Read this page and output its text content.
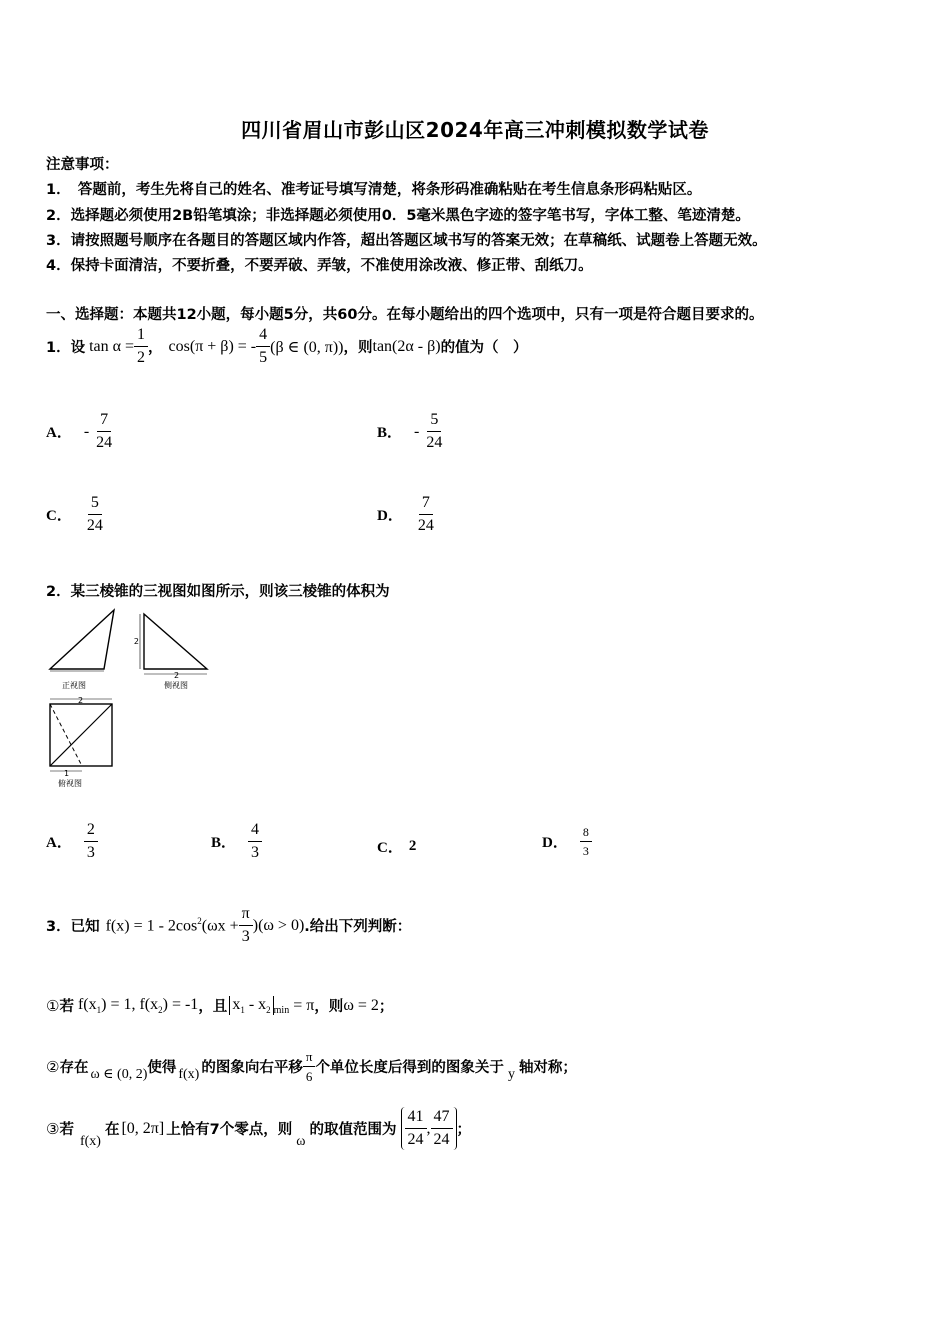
四川省眉山市彭山区2024年高三冲刺模拟数学试卷
注意事项：
1．　答题前，考生先将自己的姓名、准考证号填写清楚，将条形码准确粘贴在考生信息条形码粘贴区。
2．选择题必须使用2B铅笔填涂；非选择题必须使用0．5毫米黑色字迹的签字笔书写，字体工整、笔迹清楚。
3．请按照题号顺序在各题目的答题区域内作答，超出答题区域书写的答案无效；在草稿纸、试题卷上答题无效。
4．保持卡面清洁，不要折叠，不要弄破、弄皱，不准使用涂改液、修正带、刮纸刀。
一、选择题：本题共12小题，每小题5分，共60分。在每小题给出的四个选项中，只有一项是符合题目要求的。
1．设 $\tan \alpha = \frac{1}{2}$ ， cos(π + β) = - $\frac{4}{5} (\beta$ ∈ (0, π)) ，则 tan(2α - β) 的值为（　）
A． - $\frac{7}{24}$	B． - $\frac{5}{24}$
C． $\frac{5}{24}$	D． $\frac{7}{24}$
2．某三棱锥的三视图如图所示，则该三棱锥的体积为
正视图
2
2
侧视图
2
1
俯视图
A． $\frac{2}{3}$	B． $\frac{4}{3}$	C． 2	D． $\frac{8}{3}$
3．已知 $f(x) = 1 - 2\cos^2(\omega x + \frac{\pi}{3} )(\omega > 0)$ .给出下列判断：
① 若 $f(x_1) = 1$, $f(x_2) = -1$ ，且 $x_1 - x_2$ min = π ，则 ω = 2 ；
② 存在 ω ∈ (0, 2) 使得 f(x) 的图象向右平移 $\frac{\pi}{6}$ 个单位长度后得到的图象关于 y 轴对称；
③ 若
f(x)
在 [0, 2π] 上恰有7个零点，则
ω
的取值范围为 $\frac{41}{24}$ , $\frac{47}{24}$ ；
